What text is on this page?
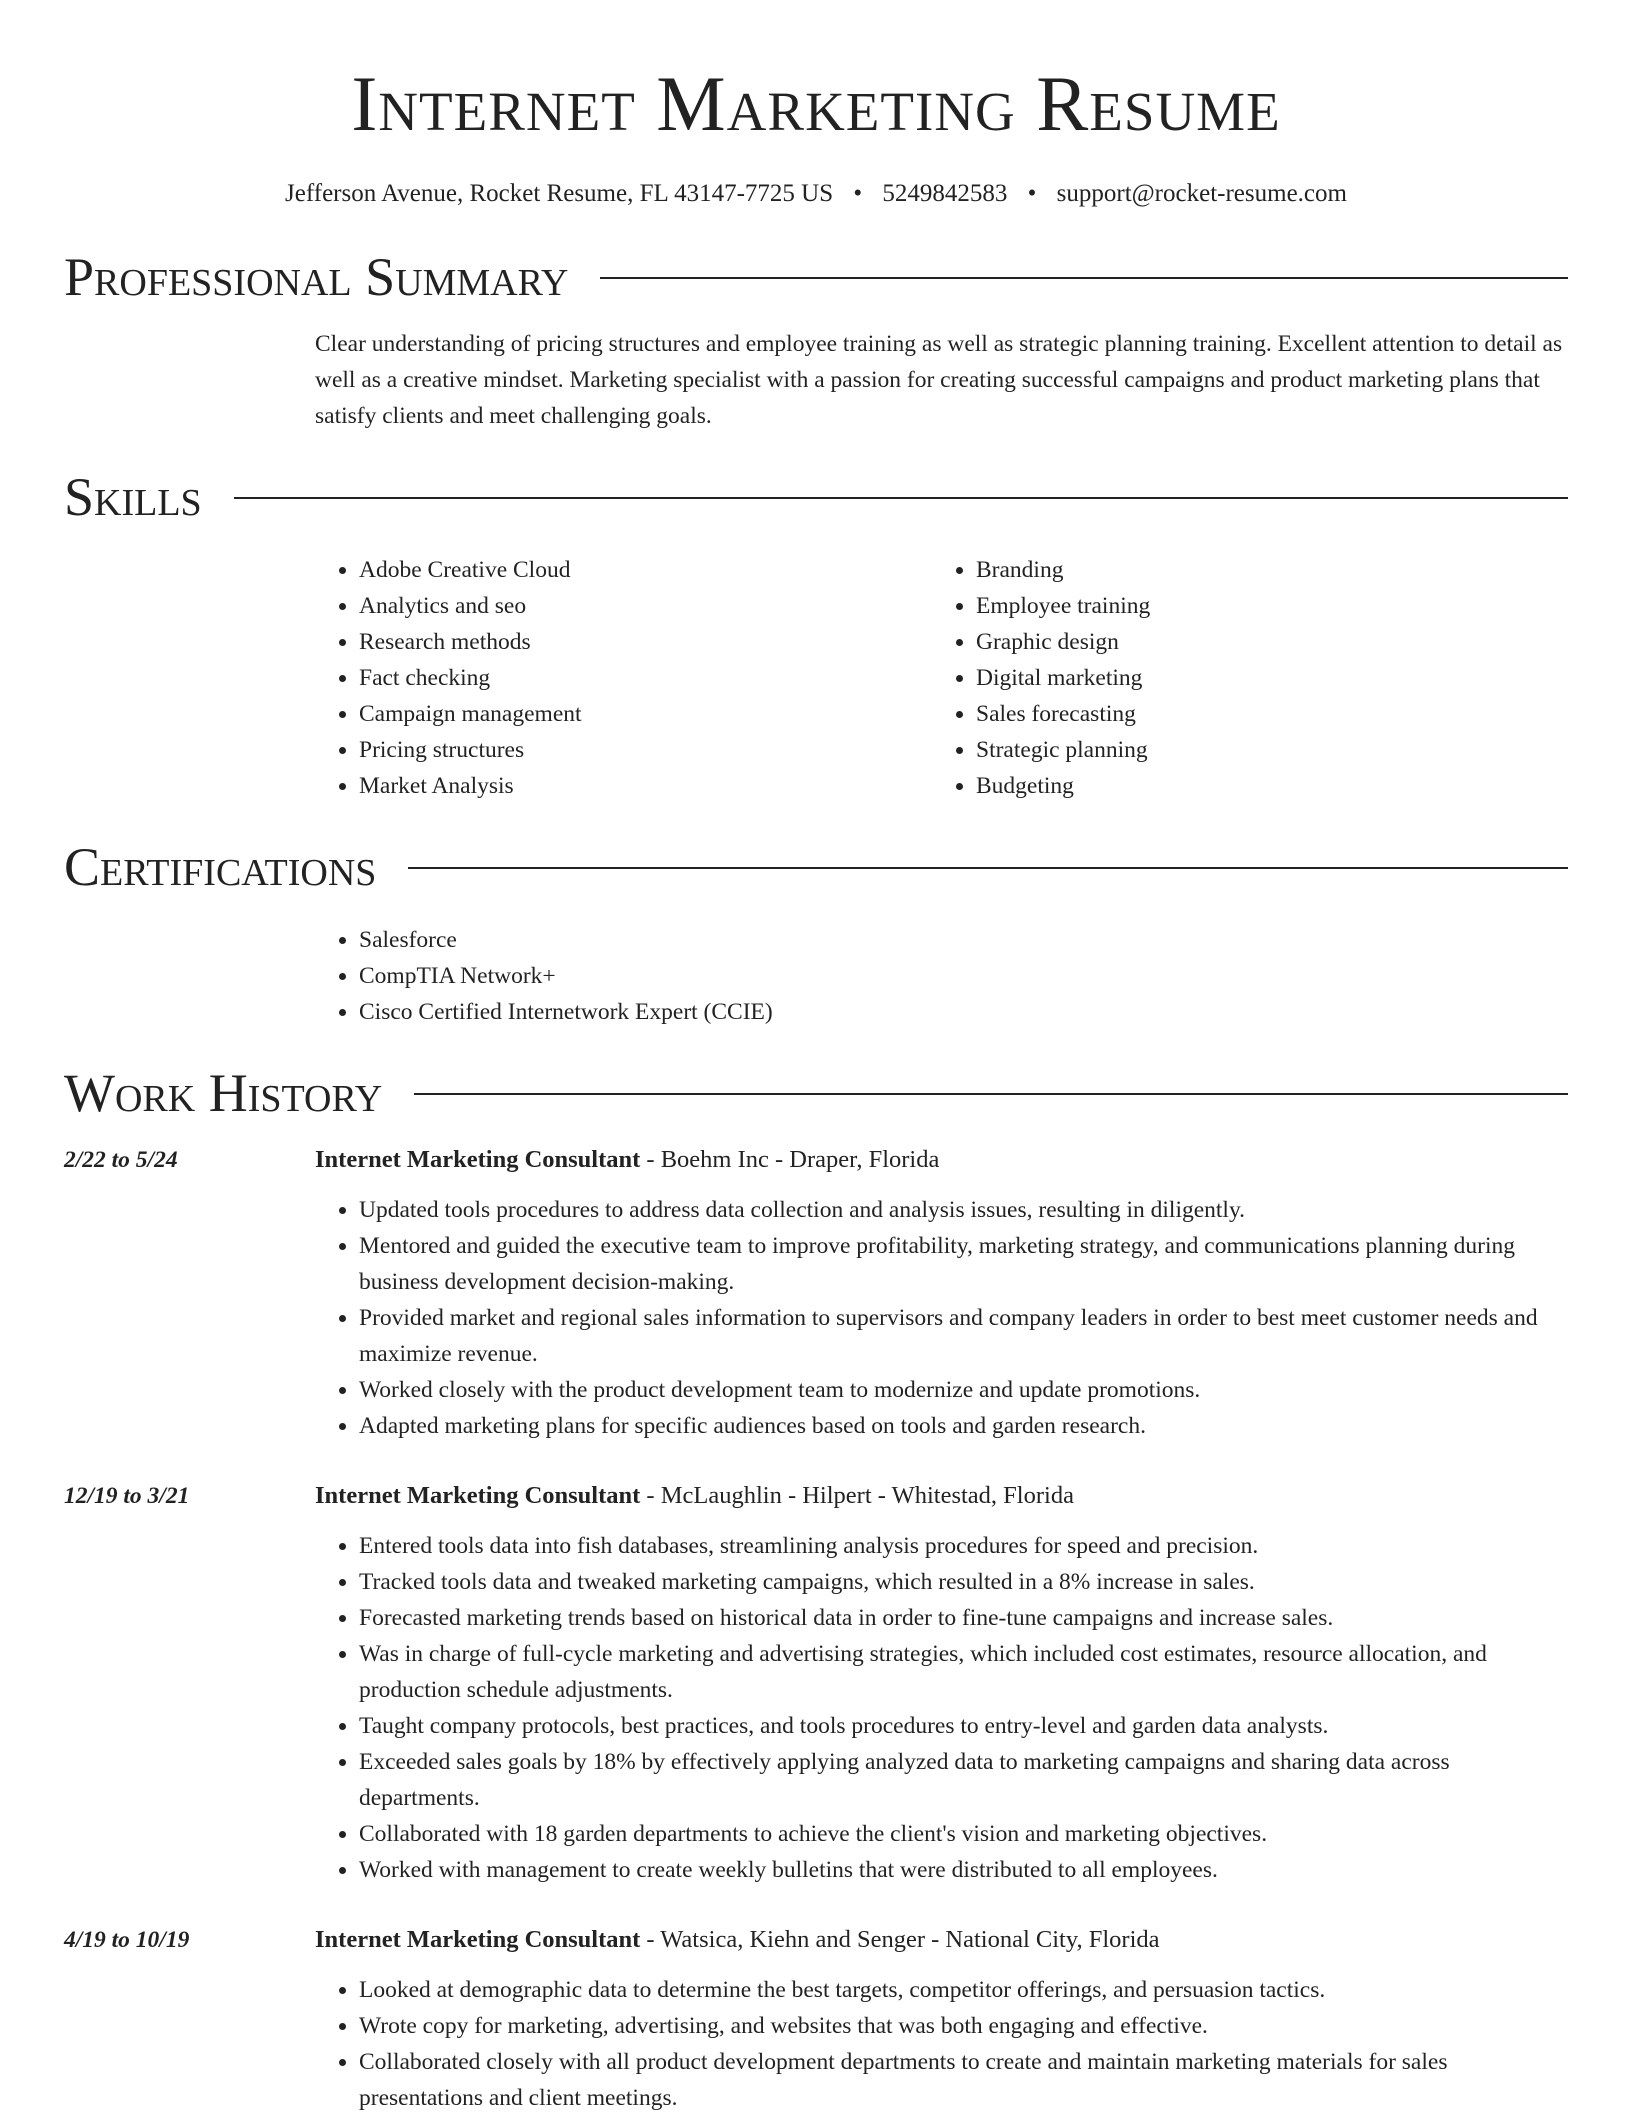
Internet Marketing Resume
Jefferson Avenue, Rocket Resume, FL 43147-7725 US • 5249842583 • support@rocket-resume.com
Professional Summary
Clear understanding of pricing structures and employee training as well as strategic planning training. Excellent attention to detail as well as a creative mindset. Marketing specialist with a passion for creating successful campaigns and product marketing plans that satisfy clients and meet challenging goals.
Skills
• Adobe Creative Cloud
• Analytics and seo
• Research methods
• Fact checking
• Campaign management
• Pricing structures
• Market Analysis
• Branding
• Employee training
• Graphic design
• Digital marketing
• Sales forecasting
• Strategic planning
• Budgeting
Certifications
• Salesforce
• CompTIA Network+
• Cisco Certified Internetwork Expert (CCIE)
Work History
2/22 to 5/24	Internet Marketing Consultant - Boehm Inc - Draper, Florida
• Updated tools procedures to address data collection and analysis issues, resulting in diligently.
• Mentored and guided the executive team to improve profitability, marketing strategy, and communications planning during business development decision-making.
• Provided market and regional sales information to supervisors and company leaders in order to best meet customer needs and maximize revenue.
• Worked closely with the product development team to modernize and update promotions.
• Adapted marketing plans for specific audiences based on tools and garden research.
12/19 to 3/21	Internet Marketing Consultant - McLaughlin - Hilpert - Whitestad, Florida
• Entered tools data into fish databases, streamlining analysis procedures for speed and precision.
• Tracked tools data and tweaked marketing campaigns, which resulted in a 8% increase in sales.
• Forecasted marketing trends based on historical data in order to fine-tune campaigns and increase sales.
• Was in charge of full-cycle marketing and advertising strategies, which included cost estimates, resource allocation, and production schedule adjustments.
• Taught company protocols, best practices, and tools procedures to entry-level and garden data analysts.
• Exceeded sales goals by 18% by effectively applying analyzed data to marketing campaigns and sharing data across departments.
• Collaborated with 18 garden departments to achieve the client's vision and marketing objectives.
• Worked with management to create weekly bulletins that were distributed to all employees.
4/19 to 10/19	Internet Marketing Consultant - Watsica, Kiehn and Senger - National City, Florida
• Looked at demographic data to determine the best targets, competitor offerings, and persuasion tactics.
• Wrote copy for marketing, advertising, and websites that was both engaging and effective.
• Collaborated closely with all product development departments to create and maintain marketing materials for sales presentations and client meetings.
